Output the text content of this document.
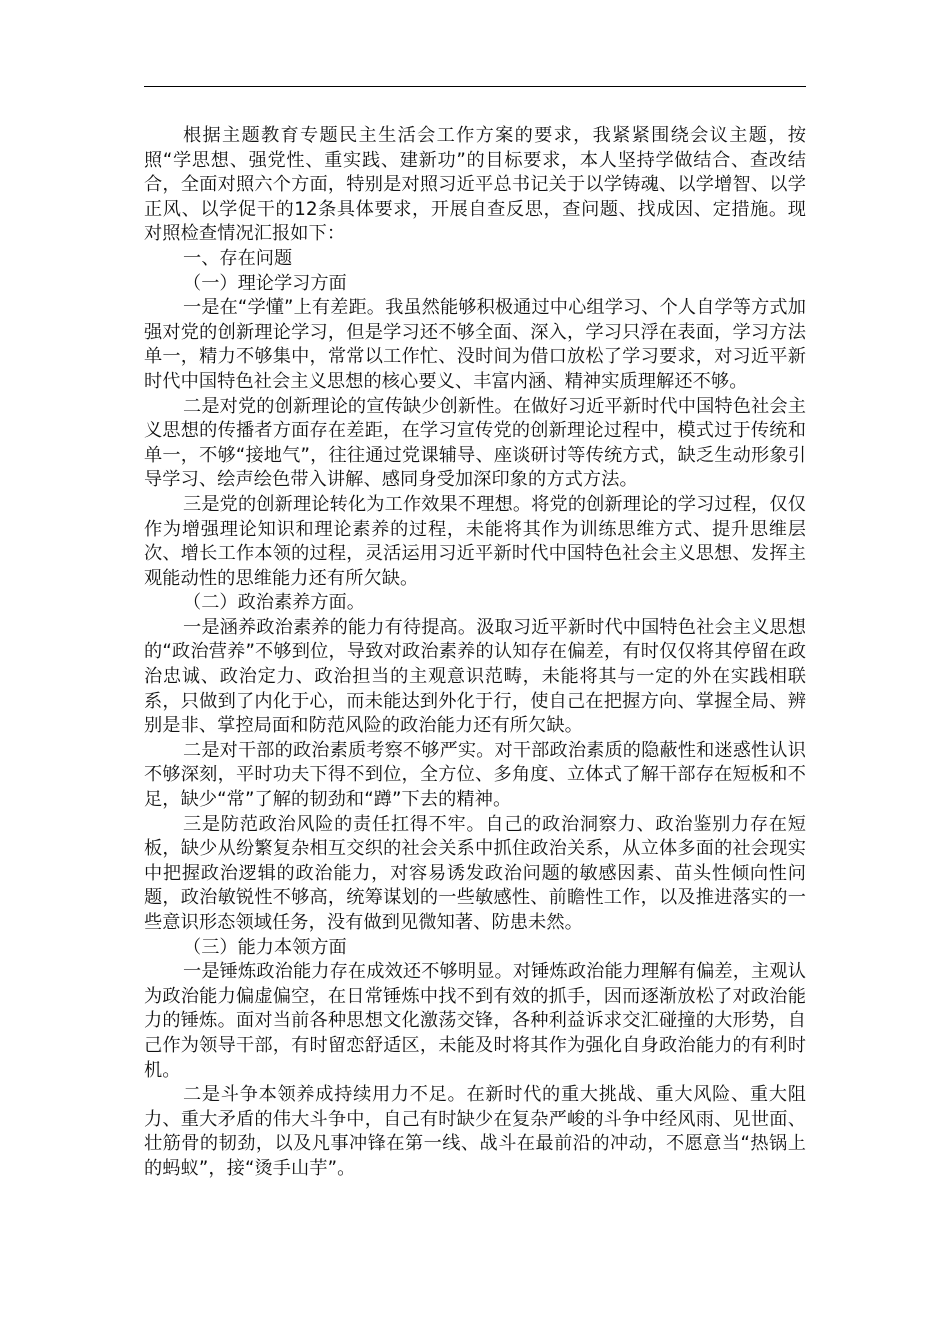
根据主题教育专题民主生活会工作方案的要求，我紧紧围绕会议主题，按照“学思想、强党性、重实践、建新功”的目标要求，本人坚持学做结合、查改结合，全面对照六个方面，特别是对照习近平总书记关于以学铸魂、以学增智、以学正风、以学促干的12条具体要求，开展自查反思，查问题、找成因、定措施。现对照检查情况汇报如下：

一、存在问题

（一）理论学习方面

一是在“学懂”上有差距。我虽然能够积极通过中心组学习、个人自学等方式加强对党的创新理论学习，但是学习还不够全面、深入，学习只浮在表面，学习方法单一，精力不够集中，常常以工作忙、没时间为借口放松了学习要求，对习近平新时代中国特色社会主义思想的核心要义、丰富内涵、精神实质理解还不够。

二是对党的创新理论的宣传缺少创新性。在做好习近平新时代中国特色社会主义思想的传播者方面存在差距，在学习宣传党的创新理论过程中，模式过于传统和单一，不够“接地气”，往往通过党课辅导、座谈研讨等传统方式，缺乏生动形象引导学习、绘声绘色带入讲解、感同身受加深印象的方式方法。

三是党的创新理论转化为工作效果不理想。将党的创新理论的学习过程，仅仅作为增强理论知识和理论素养的过程，未能将其作为训练思维方式、提升思维层次、增长工作本领的过程，灵活运用习近平新时代中国特色社会主义思想、发挥主观能动性的思维能力还有所欠缺。

（二）政治素养方面。

一是涵养政治素养的能力有待提高。汲取习近平新时代中国特色社会主义思想的“政治营养”不够到位，导致对政治素养的认知存在偏差，有时仅仅将其停留在政治忠诚、政治定力、政治担当的主观意识范畴，未能将其与一定的外在实践相联系，只做到了内化于心，而未能达到外化于行，使自己在把握方向、掌握全局、辨别是非、掌控局面和防范风险的政治能力还有所欠缺。

二是对干部的政治素质考察不够严实。对干部政治素质的隐蔽性和迷惑性认识不够深刻，平时功夫下得不到位，全方位、多角度、立体式了解干部存在短板和不足，缺少“常”了解的韧劲和“蹲”下去的精神。

三是防范政治风险的责任扛得不牢。自己的政治洞察力、政治鉴别力存在短板，缺少从纷繁复杂相互交织的社会关系中抓住政治关系，从立体多面的社会现实中把握政治逻辑的政治能力，对容易诱发政治问题的敏感因素、苗头性倾向性问题，政治敏锐性不够高，统筹谋划的一些敏感性、前瞻性工作，以及推进落实的一些意识形态领域任务，没有做到见微知著、防患未然。

（三）能力本领方面

一是锤炼政治能力存在成效还不够明显。对锤炼政治能力理解有偏差，主观认为政治能力偏虚偏空，在日常锤炼中找不到有效的抓手，因而逐渐放松了对政治能力的锤炼。面对当前各种思想文化激荡交锋，各种利益诉求交汇碰撞的大形势，自己作为领导干部，有时留恋舒适区，未能及时将其作为强化自身政治能力的有利时机。

二是斗争本领养成持续用力不足。在新时代的重大挑战、重大风险、重大阻力、重大矛盾的伟大斗争中，自己有时缺少在复杂严峻的斗争中经风雨、见世面、壮筋骨的韧劲，以及凡事冲锋在第一线、战斗在最前沿的冲动，不愿意当“热锅上的蚂蚁”，接“烫手山芋”。
